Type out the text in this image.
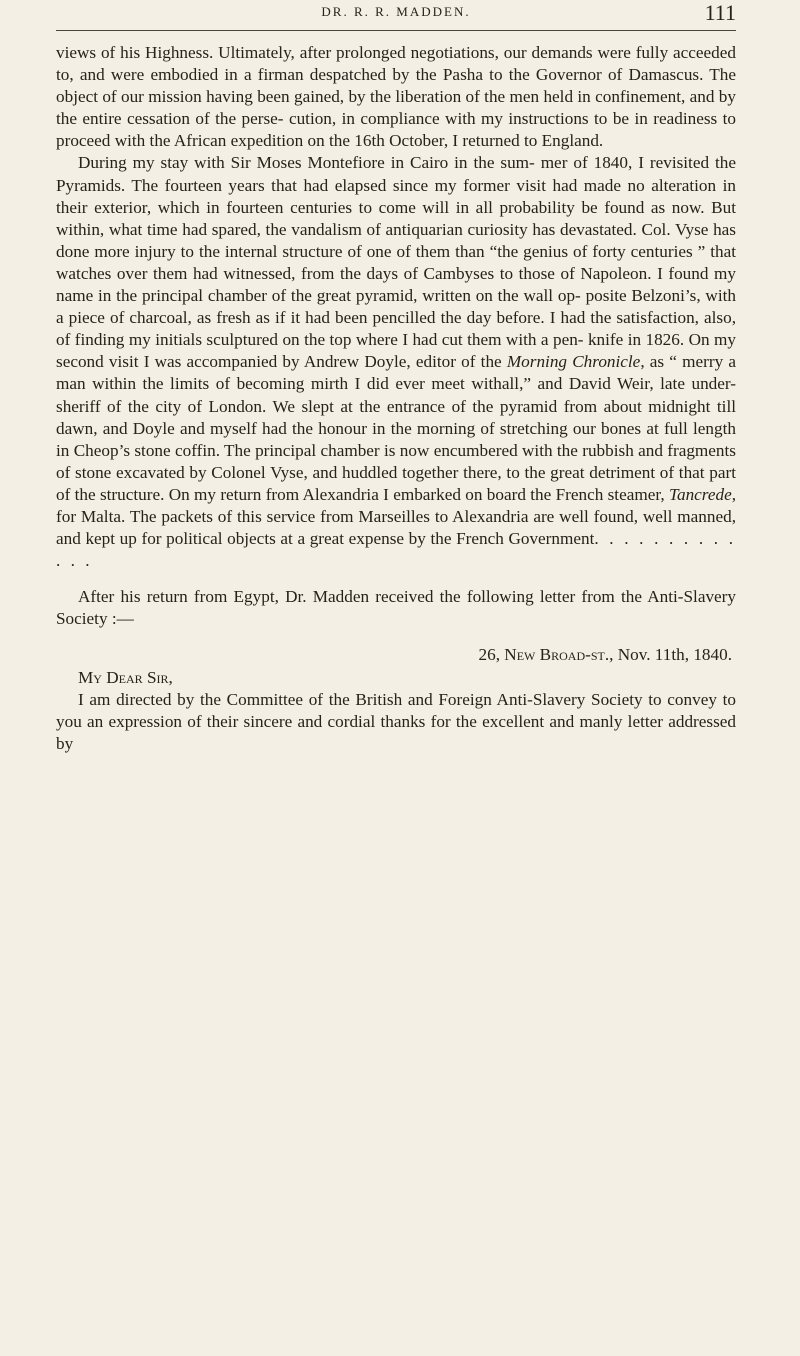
DR. R. R. MADDEN.	111

views of his Highness. Ultimately, after prolonged negotiations, our demands were fully acceeded to, and were embodied in a firman despatched by the Pasha to the Governor of Damascus. The object of our mission having been gained, by the liberation of the men held in confinement, and by the entire cessation of the perse- cution, in compliance with my instructions to be in readiness to proceed with the African expedition on the 16th October, I returned to England.

During my stay with Sir Moses Montefiore in Cairo in the sum- mer of 1840, I revisited the Pyramids. The fourteen years that had elapsed since my former visit had made no alteration in their exterior, which in fourteen centuries to come will in all probability be found as now. But within, what time had spared, the vandalism of antiquarian curiosity has devastated. Col. Vyse has done more injury to the internal structure of one of them than “the genius of forty centuries ” that watches over them had witnessed, from the days of Cambyses to those of Napoleon. I found my name in the principal chamber of the great pyramid, written on the wall op- posite Belzoni’s, with a piece of charcoal, as fresh as if it had been pencilled the day before. I had the satisfaction, also, of finding my initials sculptured on the top where I had cut them with a pen- knife in 1826. On my second visit I was accompanied by Andrew Doyle, editor of the Morning Chronicle, as “ merry a man within the limits of becoming mirth I did ever meet withall,” and David Weir, late under-sheriff of the city of London. We slept at the entrance of the pyramid from about midnight till dawn, and Doyle and myself had the honour in the morning of stretching our bones at full length in Cheop’s stone coffin. The principal chamber is now encumbered with the rubbish and fragments of stone excavated by Colonel Vyse, and huddled together there, to the great detriment of that part of the structure. On my return from Alexandria I embarked on board the French steamer, Tancrede, for Malta. The packets of this service from Marseilles to Alexandria are well found, well manned, and kept up for political objects at a great expense by the French Government. . . . . . . . . . . . .

After his return from Egypt, Dr. Madden received the following letter from the Anti-Slavery Society :—

26, New Broad-st., Nov. 11th, 1840.

My Dear Sir,

I am directed by the Committee of the British and Foreign Anti-Slavery Society to convey to you an expression of their sincere and cordial thanks for the excellent and manly letter addressed by
